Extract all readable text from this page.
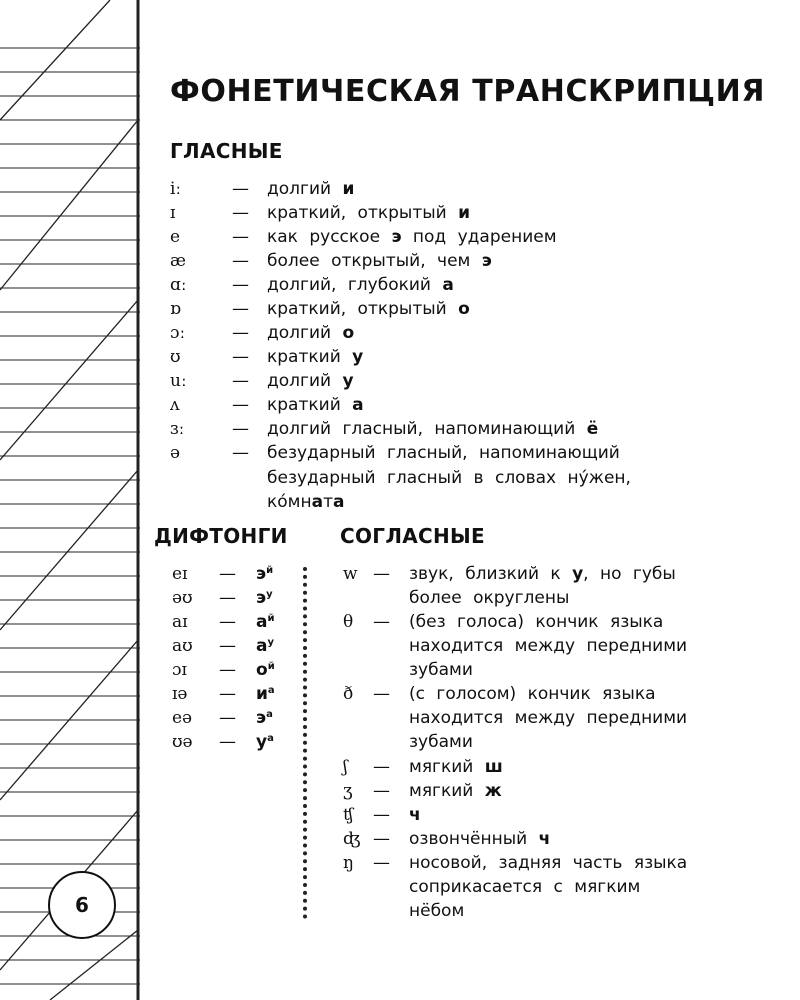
6
ФОНЕТИЧЕСКАЯ ТРАНСКРИПЦИЯ
ГЛАСНЫЕ
iː	— долгий и
ɪ	— краткий, открытый и
e	— как русское э под ударением
æ	— более открытый, чем э
ɑː	— долгий, глубокий а
ɒ	— краткий, открытый о
ɔː	— долгий о
ʊ	— краткий у
uː	— долгий у
ʌ	— краткий а
ɜː	— долгий гласный, напоминающий ё
ə	— безударный гласный, напоминающий
безударный гласный в словах ну́жен,
ко́мната
ДИФТОНГИ
eɪ — $э^й$
əʊ — $э^у$
aɪ — $а^й$
aʊ — $а^у$
ɔɪ — $о^й$
ɪə — $и^а$
eə — $э^а$
ʊə — $у^а$
СОГЛАСНЫЕ
w — звук, близкий к у, но губы
более округлены
θ — (без голоса) кончик языка
находится между передними
зубами
ð — (с голосом) кончик языка
находится между передними
зубами
ʃ — мягкий ш
ʒ — мягкий ж
ʧ — ч
ʤ — озвончённый ч
ŋ — носовой, задняя часть языка
соприкасается с мягким
нёбом
